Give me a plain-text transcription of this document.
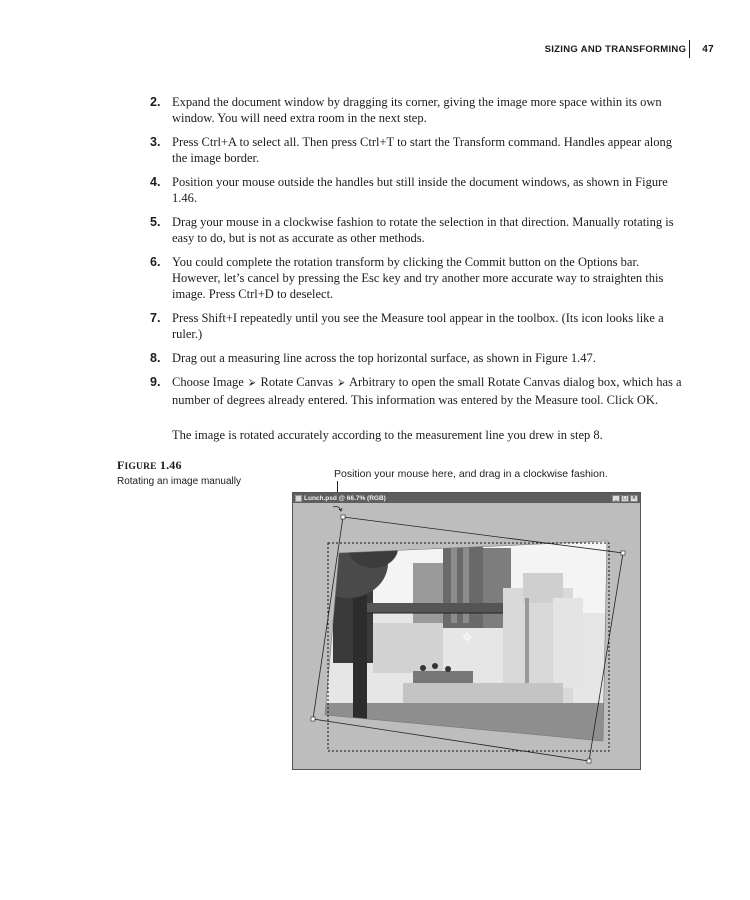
SIZING AND TRANSFORMING 47
2. Expand the document window by dragging its corner, giving the image more space within its own window. You will need extra room in the next step.
3. Press Ctrl+A to select all. Then press Ctrl+T to start the Transform command. Handles appear along the image border.
4. Position your mouse outside the handles but still inside the document windows, as shown in Figure 1.46.
5. Drag your mouse in a clockwise fashion to rotate the selection in that direction. Manually rotating is easy to do, but is not as accurate as other methods.
6. You could complete the rotation transform by clicking the Commit button on the Options bar. However, let’s cancel by pressing the Esc key and try another more accurate way to straighten this image. Press Ctrl+D to deselect.
7. Press Shift+I repeatedly until you see the Measure tool appear in the toolbox. (Its icon looks like a ruler.)
8. Drag out a measuring line across the top horizontal surface, as shown in Figure 1.47.
9. Choose Image ⮚ Rotate Canvas ⮚ Arbitrary to open the small Rotate Canvas dialog box, which has a number of degrees already entered. This information was entered by the Measure tool. Click OK.

The image is rotated accurately according to the measurement line you drew in step 8.

FIGURE 1.46
Rotating an image manually
Position your mouse here, and drag in a clockwise fashion.
Lunch.psd @ 66.7% (RGB)	_	□ ×
